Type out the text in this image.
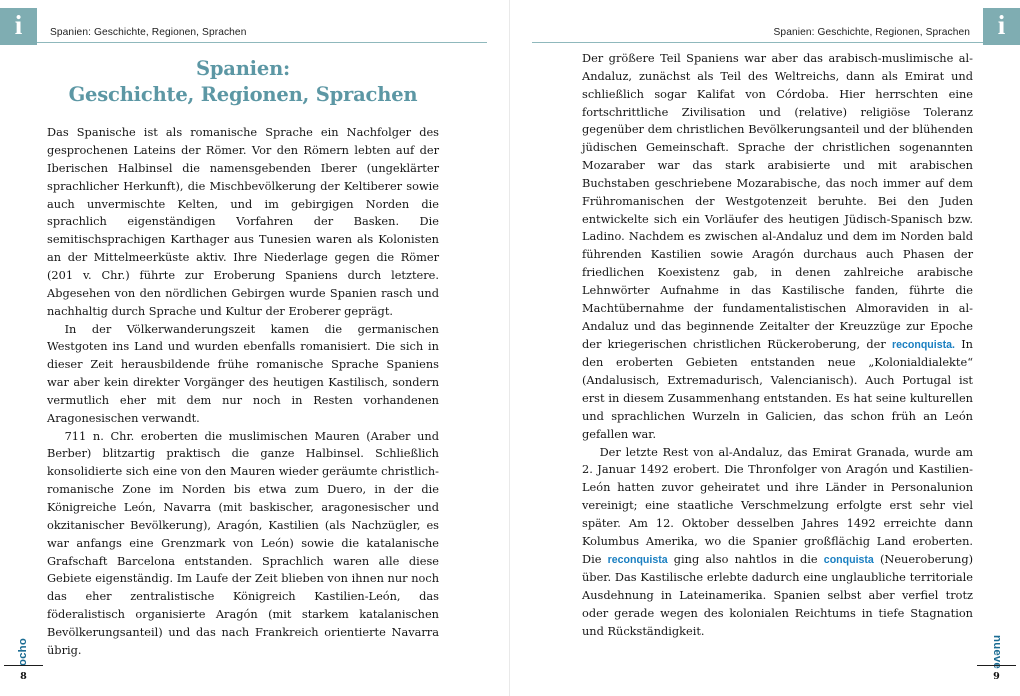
i	Spanien: Geschichte, Regionen, Sprachen
Spanien:
Geschichte, Regionen, Sprachen

Das Spanische ist als romanische Sprache ein Nachfolger des gesprochenen Lateins der Römer. Vor den Römern lebten auf der Iberischen Halbinsel die namensgebenden Iberer (ungeklärter sprachlicher Herkunft), die Mischbevölkerung der Keltiberer sowie auch unvermischte Kelten, und im gebirgigen Norden die sprachlich eigenständigen Vorfahren der Basken. Die semitischsprachigen Karthager aus Tunesien waren als Kolonisten an der Mittelmeerküste aktiv. Ihre Niederlage gegen die Römer (201 v. Chr.) führte zur Eroberung Spaniens durch letztere. Abgesehen von den nördlichen Gebirgen wurde Spanien rasch und nachhaltig durch Sprache und Kultur der Eroberer geprägt.

In der Völkerwanderungszeit kamen die germanischen Westgoten ins Land und wurden ebenfalls romanisiert. Die sich in dieser Zeit herausbildende frühe romanische Sprache Spaniens war aber kein direkter Vorgänger des heutigen Kastilisch, sondern vermutlich eher mit dem nur noch in Resten vorhandenen Aragonesischen verwandt.

711 n. Chr. eroberten die muslimischen Mauren (Araber und Berber) blitzartig praktisch die ganze Halbinsel. Schließlich konsolidierte sich eine von den Mauren wieder geräumte christlich-romanische Zone im Norden bis etwa zum Duero, in der die Königreiche León, Navarra (mit baskischer, aragonesischer und okzitanischer Bevölkerung), Aragón, Kastilien (als Nachzügler, es war anfangs eine Grenzmark von León) sowie die katalanische Grafschaft Barcelona entstanden. Sprachlich waren alle diese Gebiete eigenständig. Im Laufe der Zeit blieben von ihnen nur noch das eher zentralistische Königreich Kastilien-León, das föderalistisch organisierte Aragón (mit starkem katalanischen Bevölkerungsanteil) und das nach Frankreich orientierte Navarra übrig.

ocho
8
i
Spanien: Geschichte, Regionen, Sprachen

Der größere Teil Spaniens war aber das arabisch-muslimische al-Andaluz, zunächst als Teil des Weltreichs, dann als Emirat und schließlich sogar Kalifat von Córdoba. Hier herrschten eine fortschrittliche Zivilisation und (relative) religiöse Toleranz gegenüber dem christlichen Bevölkerungsanteil und der blühenden jüdischen Gemeinschaft. Sprache der christlichen sogenannten Mozaraber war das stark arabisierte und mit arabischen Buchstaben geschriebene Mozarabische, das noch immer auf dem Frühromanischen der Westgotenzeit beruhte. Bei den Juden entwickelte sich ein Vorläufer des heutigen Jüdisch-Spanisch bzw. Ladino. Nachdem es zwischen al-Andaluz und dem im Norden bald führenden Kastilien sowie Aragón durchaus auch Phasen der friedlichen Koexistenz gab, in denen zahlreiche arabische Lehnwörter Aufnahme in das Kastilische fanden, führte die Machtübernahme der fundamentalistischen Almoraviden in al-Andaluz und das beginnende Zeitalter der Kreuzzüge zur Epoche der kriegerischen christlichen Rückeroberung, der reconquista. In den eroberten Gebieten entstanden neue „Kolonialdialekte“ (Andalusisch, Extremadurisch, Valencianisch). Auch Portugal ist erst in diesem Zusammenhang entstanden. Es hat seine kulturellen und sprachlichen Wurzeln in Galicien, das schon früh an León gefallen war.

Der letzte Rest von al-Andaluz, das Emirat Granada, wurde am 2. Januar 1492 erobert. Die Thronfolger von Aragón und Kastilien-León hatten zuvor geheiratet und ihre Länder in Personalunion vereinigt; eine staatliche Verschmelzung erfolgte erst sehr viel später. Am 12. Oktober desselben Jahres 1492 erreichte dann Kolumbus Amerika, wo die Spanier großflächig Land eroberten. Die reconquista ging also nahtlos in die conquista (Neueroberung) über. Das Kastilische erlebte dadurch eine unglaubliche territoriale Ausdehnung in Lateinamerika. Spanien selbst aber verfiel trotz oder gerade wegen des kolonialen Reichtums in tiefe Stagnation und Rückständigkeit.

nueve
9
